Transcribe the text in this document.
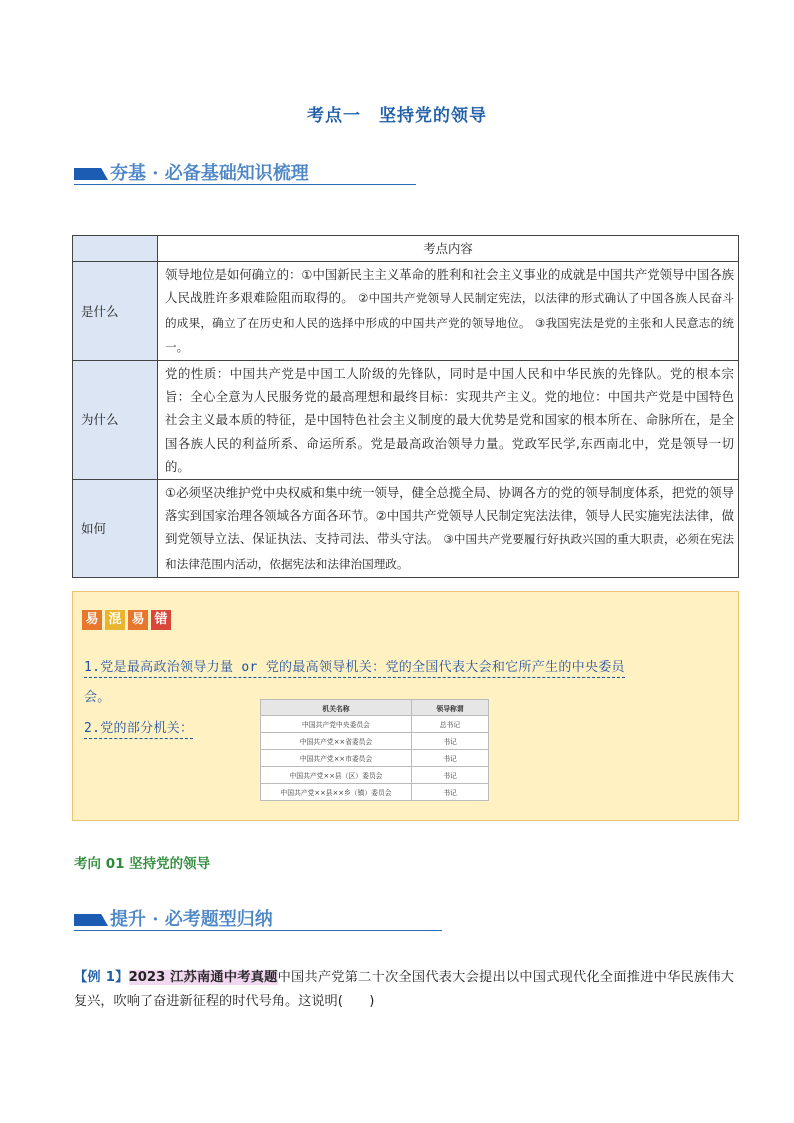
考点一 坚持党的领导
夯基 · 必备基础知识梳理
	考点内容
是什么	领导地位是如何确立的：①中国新民主主义革命的胜利和社会主义事业的成就是中国共产党领导中国各族人民战胜许多艰难险阻而取得的。 ②中国共产党领导人民制定宪法，以法律的形式确认了中国各族人民奋斗的成果，确立了在历史和人民的选择中形成的中国共产党的领导地位。 ③我国宪法是党的主张和人民意志的统一。
为什么	党的性质：中国共产党是中国工人阶级的先锋队，同时是中国人民和中华民族的先锋队。党的根本宗旨：全心全意为人民服务党的最高理想和最终目标：实现共产主义。党的地位：中国共产党是中国特色社会主义最本质的特征，是中国特色社会主义制度的最大优势是党和国家的根本所在、命脉所在，是全国各族人民的利益所系、命运所系。党是最高政治领导力量。党政军民学,东西南北中，党是领导一切的。
如何	①必须坚决维护党中央权威和集中统一领导，健全总揽全局、协调各方的党的领导制度体系，把党的领导落实到国家治理各领域各方面各环节。②中国共产党领导人民制定宪法法律，领导人民实施宪法法律，做到党领导立法、保证执法、支持司法、带头守法。 ③中国共产党要履行好执政兴国的重大职责，必须在宪法和法律范围内活动，依据宪法和法律治国理政。
易 混 易 错
1.党是最高政治领导力量 or 党的最高领导机关：党的全国代表大会和它所产生的中央委员
会。
2.党的部分机关：
机关名称	领导称谓
中国共产党中央委员会	总书记
中国共产党××省委员会	书记
中国共产党××市委员会	书记
中国共产党××县（区）委员会	书记
中国共产党××县××乡（镇）委员会	书记
考向 01 坚持党的领导
提升 · 必考题型归纳
【例 1】2023 江苏南通中考真题中国共产党第二十次全国代表大会提出以中国式现代化全面推进中华民族伟大复兴，吹响了奋进新征程的时代号角。这说明(　　)
